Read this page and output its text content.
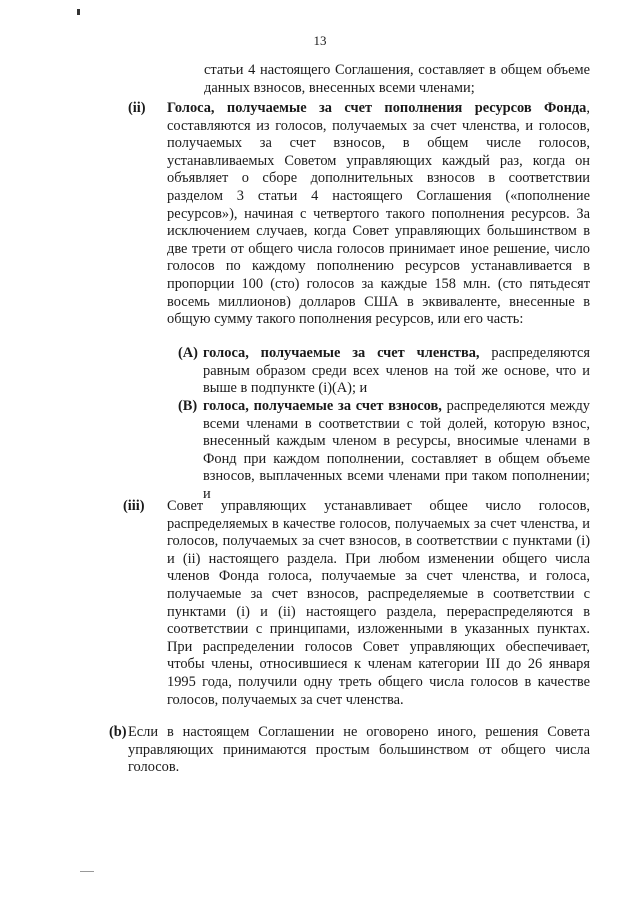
13

статьи 4 настоящего Соглашения, составляет в общем объеме данных взносов, внесенных всеми членами;

(ii) Голоса, получаемые за счет пополнения ресурсов Фонда, составляются из голосов, получаемых за счет членства, и голосов, получаемых за счет взносов, в общем числе голосов, устанавливаемых Советом управляющих каждый раз, когда он объявляет о сборе дополнительных взносов в соответствии разделом 3 статьи 4 настоящего Соглашения («пополнение ресурсов»), начиная с четвертого такого пополнения ресурсов. За исключением случаев, когда Совет управляющих большинством в две трети от общего числа голосов принимает иное решение, число голосов по каждому пополнению ресурсов устанавливается в пропорции 100 (сто) голосов за каждые 158 млн. (сто пятьдесят восемь миллионов) долларов США в эквиваленте, внесенные в общую сумму такого пополнения ресурсов, или его часть:

(A) голоса, получаемые за счет членства, распределяются равным образом среди всех членов на той же основе, что и выше в подпункте (i)(A); и

(B) голоса, получаемые за счет взносов, распределяются между всеми членами в соответствии с той долей, которую взнос, внесенный каждым членом в ресурсы, вносимые членами в Фонд при каждом пополнении, составляет в общем объеме взносов, выплаченных всеми членами при таком пополнении; и

(iii) Совет управляющих устанавливает общее число голосов, распределяемых в качестве голосов, получаемых за счет членства, и голосов, получаемых за счет взносов, в соответствии с пунктами (i) и (ii) настоящего раздела. При любом изменении общего числа членов Фонда голоса, получаемые за счет членства, и голоса, получаемые за счет взносов, распределяемые в соответствии с пунктами (i) и (ii) настоящего раздела, перераспределяются в соответствии с принципами, изложенными в указанных пунктах. При распределении голосов Совет управляющих обеспечивает, чтобы члены, относившиеся к членам категории III до 26 января 1995 года, получили одну треть общего числа голосов в качестве голосов, получаемых за счет членства.

(b) Если в настоящем Соглашении не оговорено иного, решения Совета управляющих принимаются простым большинством от общего числа голосов.
